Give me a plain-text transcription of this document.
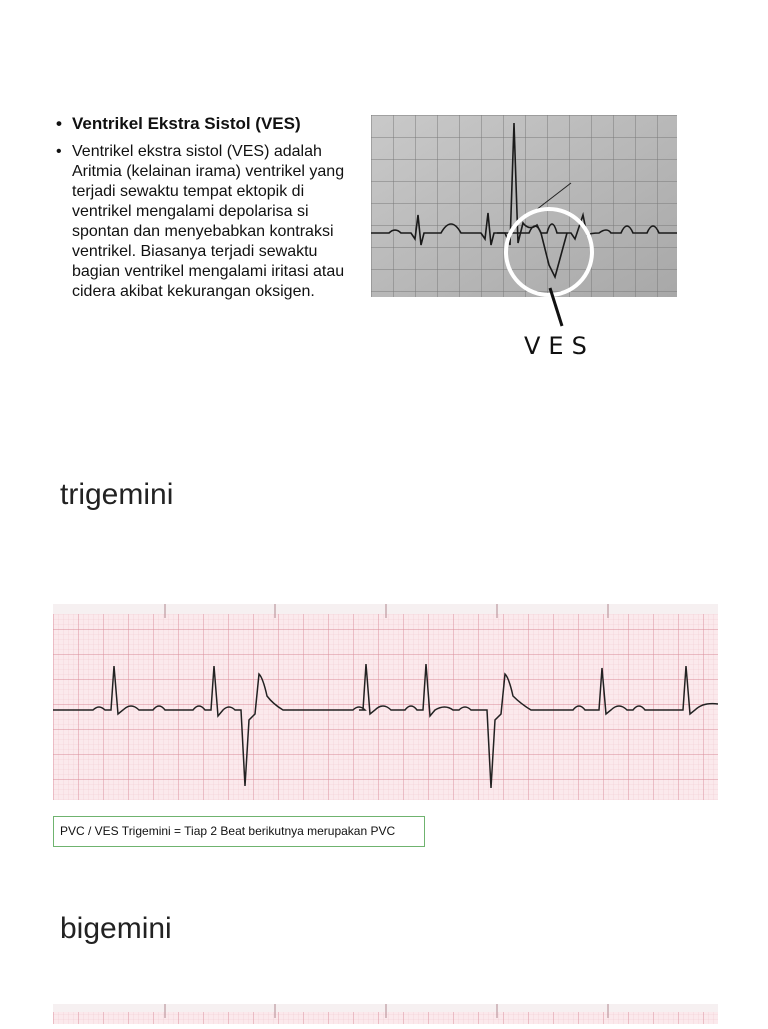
• Ventrikel Ekstra Sistol (VES)
• Ventrikel ekstra sistol (VES) adalah Aritmia (kelainan irama) ventrikel yang terjadi sewaktu tempat ektopik di ventrikel mengalami depolarisa si spontan dan menyebabkan kontraksi ventrikel. Biasanya terjadi sewaktu bagian ventrikel mengalami iritasi atau cidera akibat kekurangan oksigen.
VES
trigemini
PVC / VES Trigemini = Tiap 2 Beat berikutnya merupakan PVC
bigemini
